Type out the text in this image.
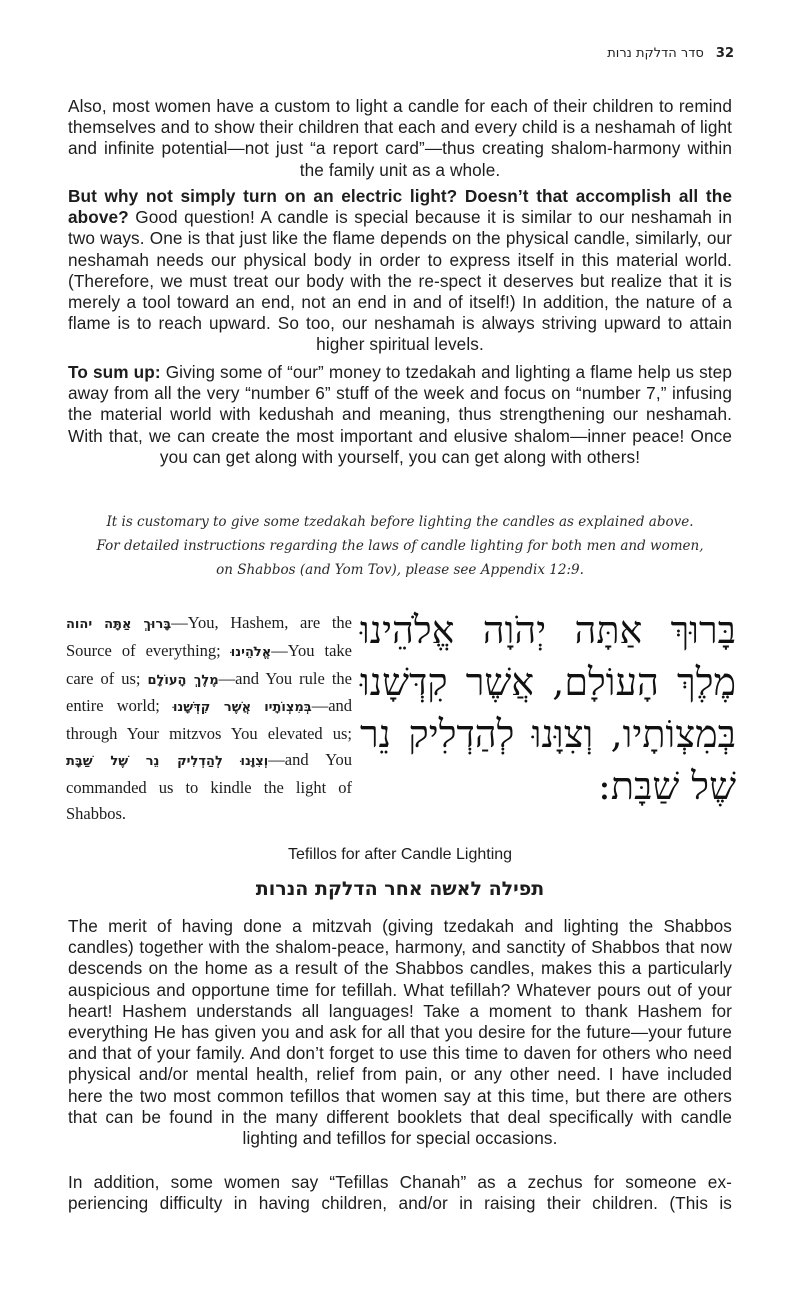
סדר הדלקת נרות 32

Also, most women have a custom to light a candle for each of their children to remind themselves and to show their children that each and every child is a neshamah of light and infinite potential—not just “a report card”—thus creating shalom-harmony within the family unit as a whole.

But why not simply turn on an electric light? Doesn’t that accomplish all the above? Good question! A candle is special because it is similar to our neshamah in two ways. One is that just like the flame depends on the physical candle, similarly, our neshamah needs our physical body in order to express itself in this material world. (Therefore, we must treat our body with the re-spect it deserves but realize that it is merely a tool toward an end, not an end in and of itself!) In addition, the nature of a flame is to reach upward. So too, our neshamah is always striving upward to attain higher spiritual levels.

To sum up: Giving some of “our” money to tzedakah and lighting a flame help us step away from all the very “number 6” stuff of the week and focus on “number 7,” infusing the material world with kedushah and meaning, thus strengthening our neshamah. With that, we can create the most important and elusive shalom—inner peace! Once you can get along with yourself, you can get along with others!

It is customary to give some tzedakah before lighting the candles as explained above.
For detailed instructions regarding the laws of candle lighting for both men and women,
on Shabbos (and Yom Tov), please see Appendix 12:9.

בָּרוּךְ אַתָּה יהוה—You, Hashem, are the Source of everything; אֱלֹהֵינוּ—You take care of us; מֶלֶךְ הָעוֹלָם—and You rule the entire world; אֲשֶׁר קִדְּשָׁנוּ בְּמִצְוֹתָיו—and through Your mitzvos You elevated us; וְצִוָּנוּ לְהַדְלִיק נֵר שֶׁל שַׁבָּת—and You commanded us to kindle the light of Shabbos.

בָּרוּךְ אַתָּה יְהֹוָה אֱלֹהֵינוּ מֶלֶךְ הָעוֹלָם, אֲשֶׁר קִדְּשָׁנוּ בְּמִצְוֹתָיו, וְצִוָּנוּ לְהַדְלִיק נֵר שֶׁל שַׁבָּת:

Tefillos for after Candle Lighting

תפילה לאשה אחר הדלקת הנרות

The merit of having done a mitzvah (giving tzedakah and lighting the Shabbos candles) together with the shalom-peace, harmony, and sanctity of Shabbos that now descends on the home as a result of the Shabbos candles, makes this a particularly auspicious and opportune time for tefillah. What tefillah? Whatever pours out of your heart! Hashem understands all languages! Take a moment to thank Hashem for everything He has given you and ask for all that you desire for the future—your future and that of your family. And don’t forget to use this time to daven for others who need physical and/or mental health, relief from pain, or any other need. I have included here the two most common tefillos that women say at this time, but there are others that can be found in the many different booklets that deal specifically with candle lighting and tefillos for special occasions.

In addition, some women say “Tefillas Chanah” as a zechus for someone ex-periencing difficulty in having children, and/or in raising their children. (This is
